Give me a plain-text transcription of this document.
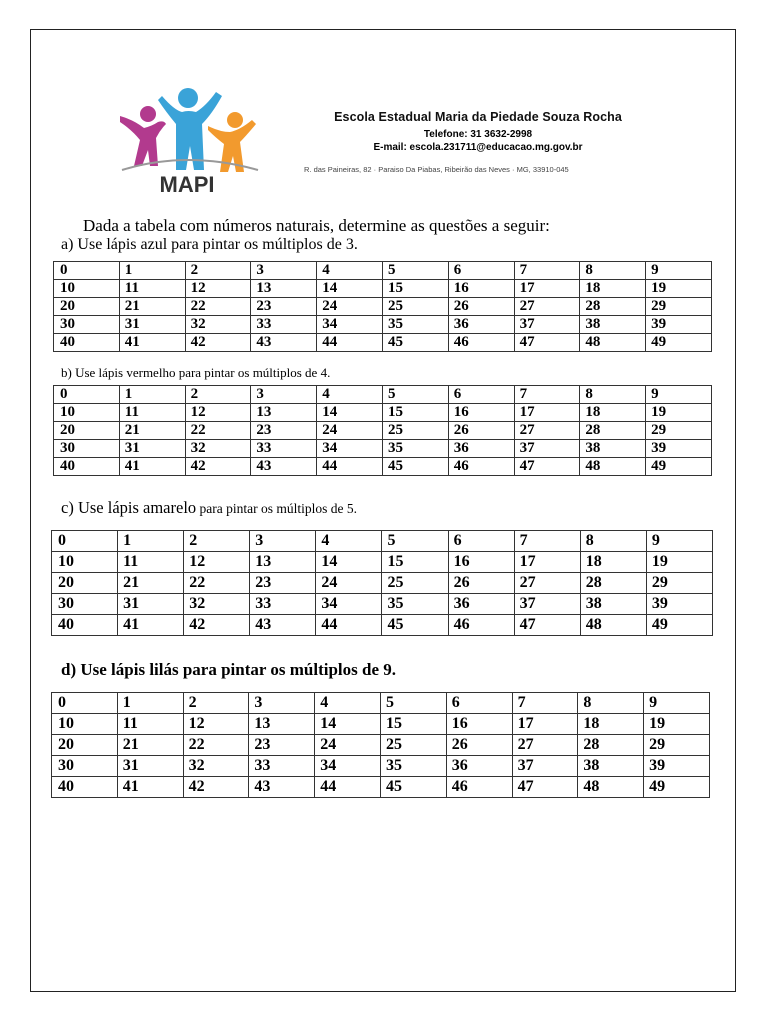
MAPI
Escola Estadual Maria da Piedade Souza Rocha
Telefone: 31 3632-2998
E-mail: escola.231711@educacao.mg.gov.br
R. das Paineiras, 82 · Paraiso Da Piabas, Ribeirão das Neves · MG, 33910-045
Dada a tabela com números naturais, determine as questões a seguir:
a) Use lápis azul para pintar os múltiplos de 3.
0	1	2	3	4	5	6	7	8	9
10	11	12	13	14	15	16	17	18	19
20	21	22	23	24	25	26	27	28	29
30	31	32	33	34	35	36	37	38	39
40	41	42	43	44	45	46	47	48	49
b) Use lápis vermelho para pintar os múltiplos de 4.
0	1	2	3	4	5	6	7	8	9
10	11	12	13	14	15	16	17	18	19
20	21	22	23	24	25	26	27	28	29
30	31	32	33	34	35	36	37	38	39
40	41	42	43	44	45	46	47	48	49
c) Use lápis amarelo para pintar os múltiplos de 5.
0	1	2	3	4	5	6	7	8	9
10	11	12	13	14	15	16	17	18	19
20	21	22	23	24	25	26	27	28	29
30	31	32	33	34	35	36	37	38	39
40	41	42	43	44	45	46	47	48	49
d) Use lápis lilás para pintar os múltiplos de 9.
0	1	2	3	4	5	6	7	8	9
10	11	12	13	14	15	16	17	18	19
20	21	22	23	24	25	26	27	28	29
30	31	32	33	34	35	36	37	38	39
40	41	42	43	44	45	46	47	48	49
